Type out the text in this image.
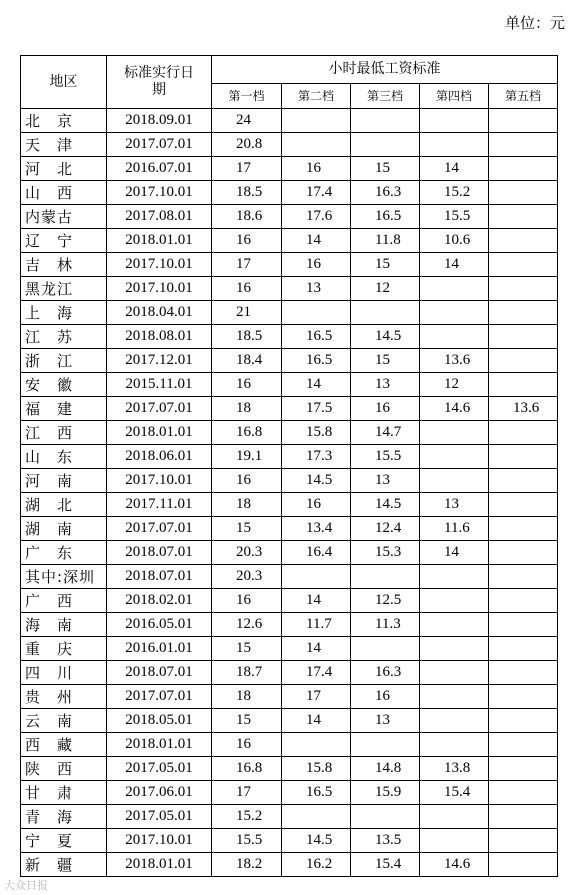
单位：元
地区	标准实行日期	小时最低工资标准				
		第一档	第二档	第三档	第四档	第五档
北　京	2018.09.01	24				
天　津	2017.07.01	20.8				
河　北	2016.07.01	17	16	15	14	
山　西	2017.10.01	18.5	17.4	16.3	15.2	
内蒙古	2017.08.01	18.6	17.6	16.5	15.5	
辽　宁	2018.01.01	16	14	11.8	10.6	
吉　林	2017.10.01	17	16	15	14	
黑龙江	2017.10.01	16	13	12		
上　海	2018.04.01	21				
江　苏	2018.08.01	18.5	16.5	14.5		
浙　江	2017.12.01	18.4	16.5	15	13.6	
安　徽	2015.11.01	16	14	13	12	
福　建	2017.07.01	18	17.5	16	14.6	13.6
江　西	2018.01.01	16.8	15.8	14.7		
山　东	2018.06.01	19.1	17.3	15.5		
河　南	2017.10.01	16	14.5	13		
湖　北	2017.11.01	18	16	14.5	13	
湖　南	2017.07.01	15	13.4	12.4	11.6	
广　东	2018.07.01	20.3	16.4	15.3	14	
其中:深圳	2018.07.01	20.3				
广　西	2018.02.01	16	14	12.5		
海　南	2016.05.01	12.6	11.7	11.3		
重　庆	2016.01.01	15	14			
四　川	2018.07.01	18.7	17.4	16.3		
贵　州	2017.07.01	18	17	16		
云　南	2018.05.01	15	14	13		
西　藏	2018.01.01	16				
陕　西	2017.05.01	16.8	15.8	14.8	13.8	
甘　肃	2017.06.01	17	16.5	15.9	15.4	
青　海	2017.05.01	15.2				
宁　夏	2017.10.01	15.5	14.5	13.5		
新　疆	2018.01.01	18.2	16.2	15.4	14.6	
大众日报
